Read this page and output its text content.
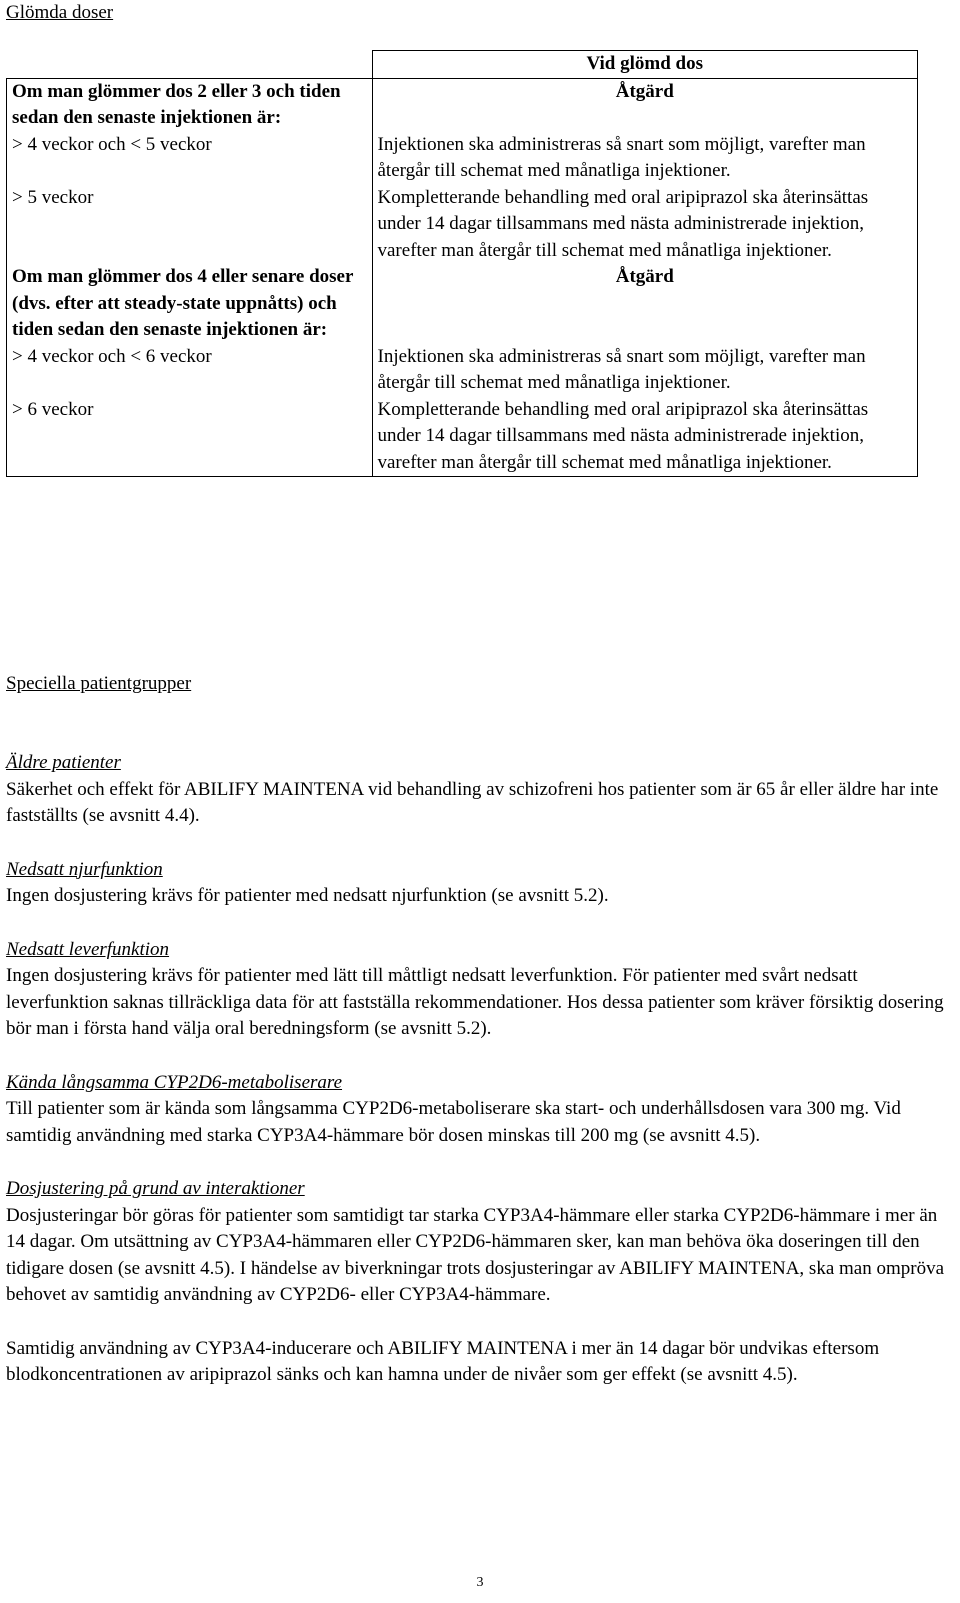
Glömda doser

	Vid glömd dos
Om man glömmer dos 2 eller 3 och tiden sedan den senaste injektionen är:	Åtgärd
> 4 veckor och < 5 veckor	Injektionen ska administreras så snart som möjligt, varefter man återgår till schemat med månatliga injektioner.
> 5 veckor	Kompletterande behandling med oral aripiprazol ska återinsättas under 14 dagar tillsammans med nästa administrerade injektion, varefter man återgår till schemat med månatliga injektioner.
Om man glömmer dos 4 eller senare doser (dvs. efter att steady-state uppnåtts) och tiden sedan den senaste injektionen är:	Åtgärd
> 4 veckor och < 6 veckor	Injektionen ska administreras så snart som möjligt, varefter man återgår till schemat med månatliga injektioner.
> 6 veckor	Kompletterande behandling med oral aripiprazol ska återinsättas under 14 dagar tillsammans med nästa administrerade injektion, varefter man återgår till schemat med månatliga injektioner.

Speciella patientgrupper

Äldre patienter

Säkerhet och effekt för ABILIFY MAINTENA vid behandling av schizofreni hos patienter som är 65 år eller äldre har inte fastställts (se avsnitt 4.4).

Nedsatt njurfunktion

Ingen dosjustering krävs för patienter med nedsatt njurfunktion (se avsnitt 5.2).

Nedsatt leverfunktion

Ingen dosjustering krävs för patienter med lätt till måttligt nedsatt leverfunktion. För patienter med svårt nedsatt leverfunktion saknas tillräckliga data för att fastställa rekommendationer. Hos dessa patienter som kräver försiktig dosering bör man i första hand välja oral beredningsform (se avsnitt 5.2).

Kända långsamma CYP2D6-metaboliserare

Till patienter som är kända som långsamma CYP2D6-metaboliserare ska start- och underhållsdosen vara 300 mg. Vid samtidig användning med starka CYP3A4-hämmare bör dosen minskas till 200 mg (se avsnitt 4.5).

Dosjustering på grund av interaktioner

Dosjusteringar bör göras för patienter som samtidigt tar starka CYP3A4-hämmare eller starka CYP2D6-hämmare i mer än 14 dagar. Om utsättning av CYP3A4-hämmaren eller CYP2D6-hämmaren sker, kan man behöva öka doseringen till den tidigare dosen (se avsnitt 4.5). I händelse av biverkningar trots dosjusteringar av ABILIFY MAINTENA, ska man ompröva behovet av samtidig användning av CYP2D6- eller CYP3A4-hämmare.

Samtidig användning av CYP3A4-inducerare och ABILIFY MAINTENA i mer än 14 dagar bör undvikas eftersom blodkoncentrationen av aripiprazol sänks och kan hamna under de nivåer som ger effekt (se avsnitt 4.5).

3
